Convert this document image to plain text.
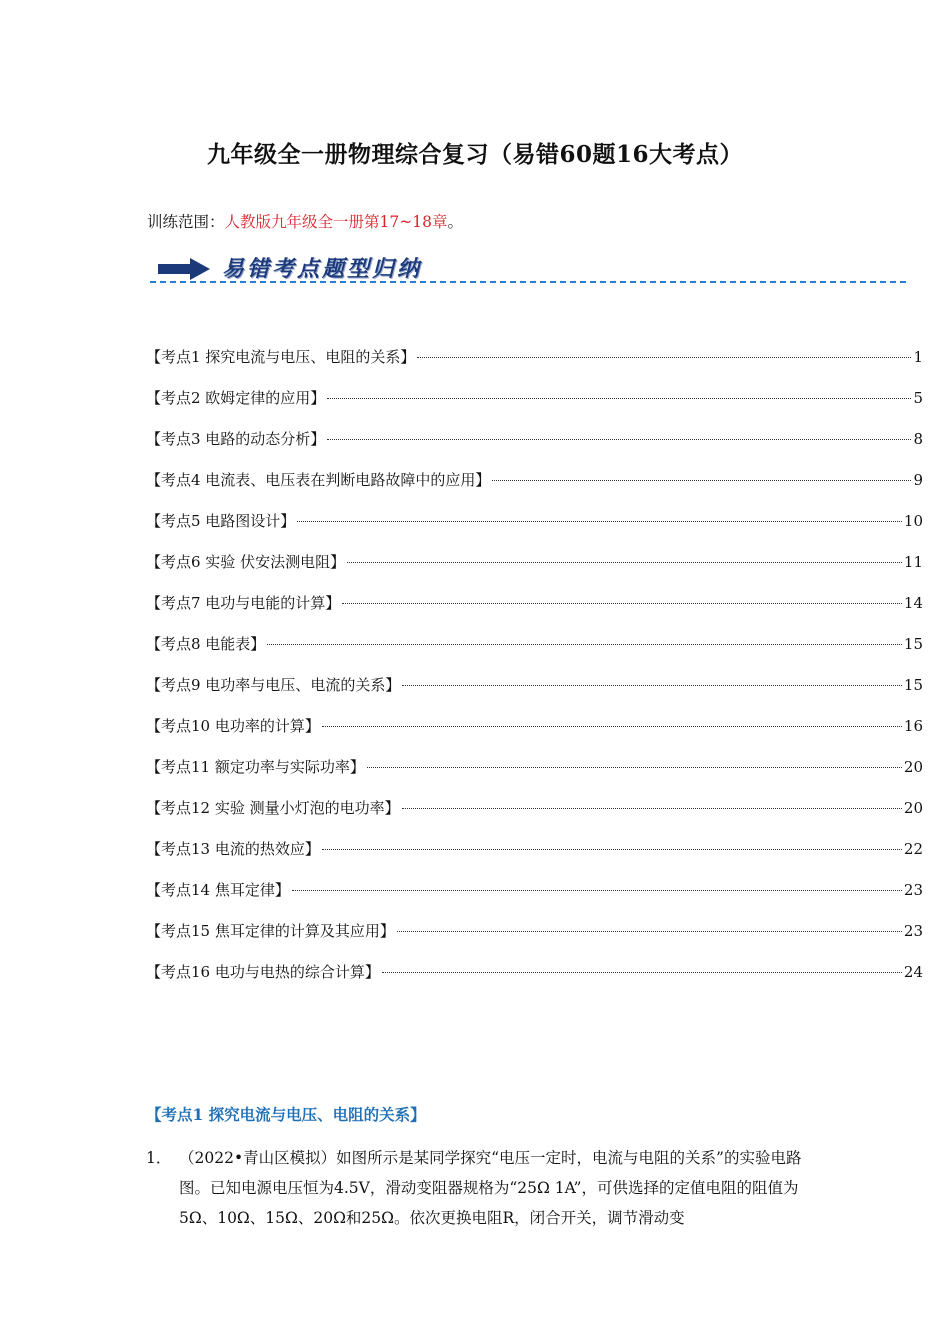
九年级全一册物理综合复习（易错60题16大考点）
训练范围：人教版九年级全一册第17~18章。
易错考点题型归纳
【考点1 探究电流与电压、电阻的关系】	1
【考点2 欧姆定律的应用】	5
【考点3 电路的动态分析】	8
【考点4 电流表、电压表在判断电路故障中的应用】	9
【考点5 电路图设计】	10
【考点6 实验 伏安法测电阻】	11
【考点7 电功与电能的计算】	14
【考点8 电能表】	15
【考点9 电功率与电压、电流的关系】	15
【考点10 电功率的计算】	16
【考点11 额定功率与实际功率】	20
【考点12 实验 测量小灯泡的电功率】	20
【考点13 电流的热效应】	22
【考点14 焦耳定律】	23
【考点15 焦耳定律的计算及其应用】	23
【考点16 电功与电热的综合计算】	24
【考点1 探究电流与电压、电阻的关系】
1． （2022•青山区模拟）如图所示是某同学探究“电压一定时，电流与电阻的关系”的实验电路图。已知电源电压恒为4.5V，滑动变阻器规格为“25Ω 1A”，可供选择的定值电阻的阻值为5Ω、10Ω、15Ω、20Ω和25Ω。依次更换电阻R，闭合开关，调节滑动变
